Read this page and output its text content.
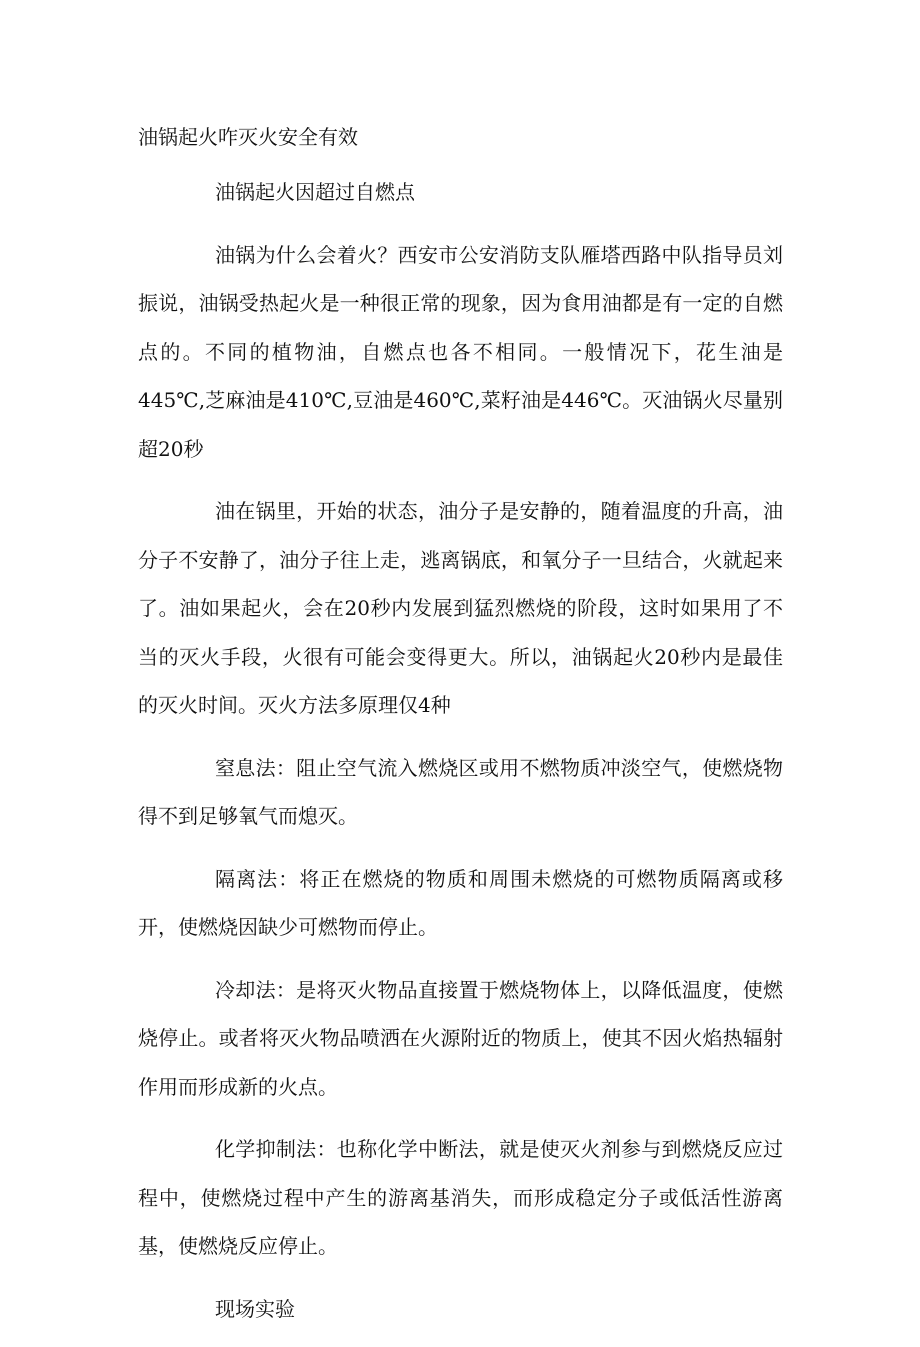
油锅起火咋灭火安全有效

油锅起火因超过自燃点

油锅为什么会着火？西安市公安消防支队雁塔西路中队指导员刘振说，油锅受热起火是一种很正常的现象，因为食用油都是有一定的自燃点的。不同的植物油，自燃点也各不相同。一般情况下，花生油是445℃,芝麻油是410℃,豆油是460℃,菜籽油是446℃。灭油锅火尽量别超20秒

油在锅里，开始的状态，油分子是安静的，随着温度的升高，油分子不安静了，油分子往上走，逃离锅底，和氧分子一旦结合，火就起来了。油如果起火，会在20秒内发展到猛烈燃烧的阶段，这时如果用了不当的灭火手段，火很有可能会变得更大。所以，油锅起火20秒内是最佳的灭火时间。灭火方法多原理仅4种

窒息法：阻止空气流入燃烧区或用不燃物质冲淡空气，使燃烧物得不到足够氧气而熄灭。

隔离法：将正在燃烧的物质和周围未燃烧的可燃物质隔离或移开，使燃烧因缺少可燃物而停止。

冷却法：是将灭火物品直接置于燃烧物体上，以降低温度，使燃烧停止。或者将灭火物品喷洒在火源附近的物质上，使其不因火焰热辐射作用而形成新的火点。

化学抑制法：也称化学中断法，就是使灭火剂参与到燃烧反应过程中，使燃烧过程中产生的游离基消失，而形成稳定分子或低活性游离基，使燃烧反应停止。

现场实验
